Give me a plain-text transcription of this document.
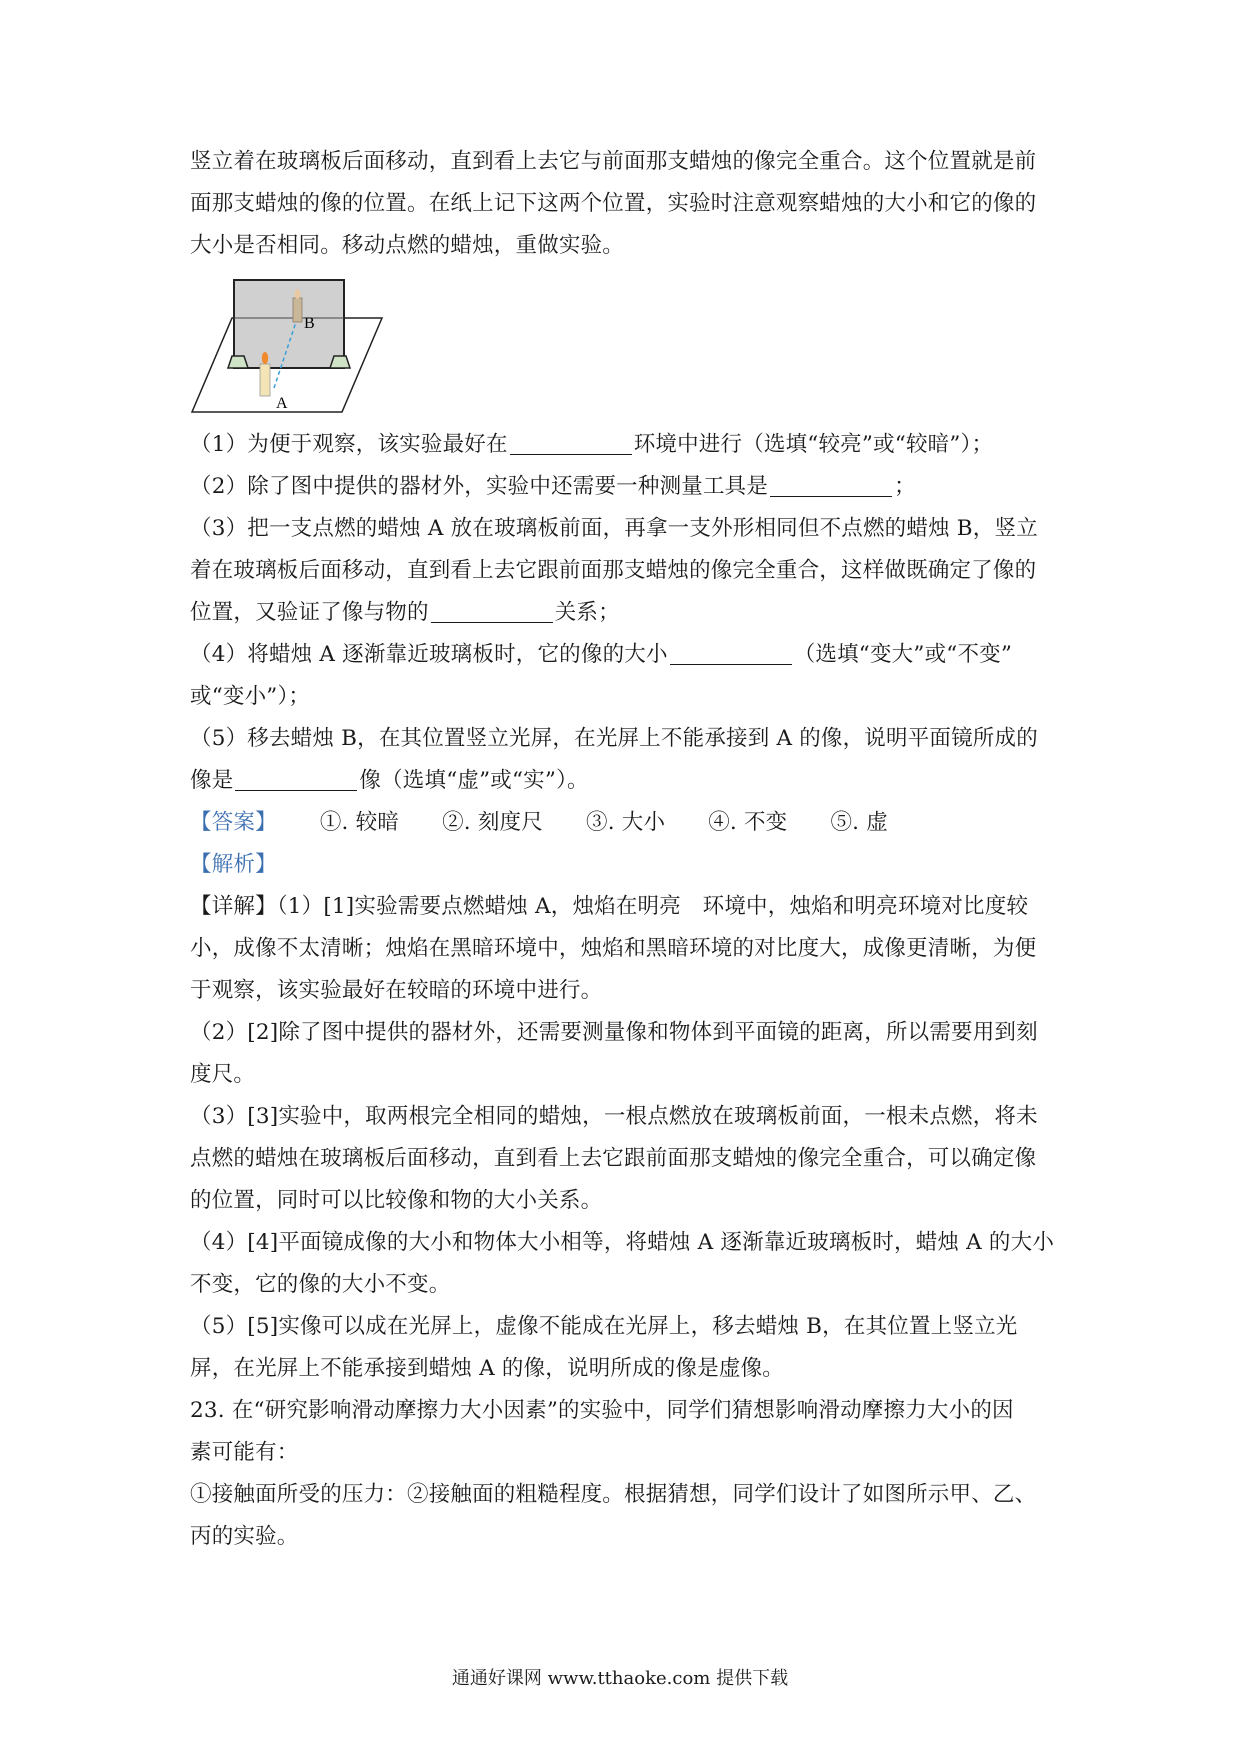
竖立着在玻璃板后面移动，直到看上去它与前面那支蜡烛的像完全重合。这个位置就是前
面那支蜡烛的像的位置。在纸上记下这两个位置，实验时注意观察蜡烛的大小和它的像的
大小是否相同。移动点燃的蜡烛，重做实验。
B
A
（1）为便于观察，该实验最好在	环境中进行（选填“较亮”或“较暗”）；
（2）除了图中提供的器材外，实验中还需要一种测量工具是	；
（3）把一支点燃的蜡烛 A 放在玻璃板前面，再拿一支外形相同但不点燃的蜡烛 B，竖立
着在玻璃板后面移动，直到看上去它跟前面那支蜡烛的像完全重合，这样做既确定了像的
位置，又验证了像与物的	关系；
（4）将蜡烛 A 逐渐靠近玻璃板时，它的像的大小	（选填“变大”或“不变”
或“变小”）；
（5）移去蜡烛 B，在其位置竖立光屏，在光屏上不能承接到 A 的像，说明平面镜所成的
像是	像（选填“虚”或“实”）。
【答案】 ①. 较暗 ②. 刻度尺 ③. 大小 ④. 不变 ⑤. 虚
【解析】
【详解】（1）[1]实验需要点燃蜡烛 A，烛焰在明亮　环境中，烛焰和明亮环境对比度较
小，成像不太清晰；烛焰在黑暗环境中，烛焰和黑暗环境的对比度大，成像更清晰，为便
于观察，该实验最好在较暗的环境中进行。
（2）[2]除了图中提供的器材外，还需要测量像和物体到平面镜的距离，所以需要用到刻
度尺。
（3）[3]实验中，取两根完全相同的蜡烛，一根点燃放在玻璃板前面，一根未点燃，将未
点燃的蜡烛在玻璃板后面移动，直到看上去它跟前面那支蜡烛的像完全重合，可以确定像
的位置，同时可以比较像和物的大小关系。
（4）[4]平面镜成像的大小和物体大小相等，将蜡烛 A 逐渐靠近玻璃板时，蜡烛 A 的大小
不变，它的像的大小不变。
（5）[5]实像可以成在光屏上，虚像不能成在光屏上，移去蜡烛 B，在其位置上竖立光
屏，在光屏上不能承接到蜡烛 A 的像，说明所成的像是虚像。
23. 在“研究影响滑动摩擦力大小因素”的实验中，同学们猜想影响滑动摩擦力大小的因
素可能有：
①接触面所受的压力：②接触面的粗糙程度。根据猜想，同学们设计了如图所示甲、乙、
丙的实验。
通通好课网 www.tthaoke.com 提供下载
